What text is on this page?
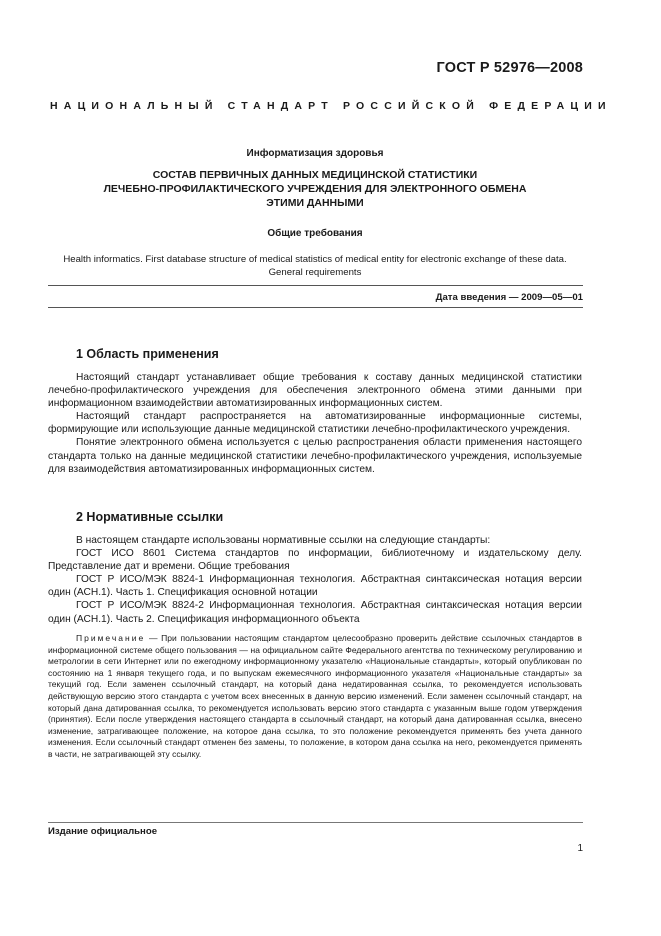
ГОСТ Р 52976—2008
НАЦИОНАЛЬНЫЙ СТАНДАРТ РОССИЙСКОЙ ФЕДЕРАЦИИ
Информатизация здоровья
СОСТАВ ПЕРВИЧНЫХ ДАННЫХ МЕДИЦИНСКОЙ СТАТИСТИКИ
ЛЕЧЕБНО-ПРОФИЛАКТИЧЕСКОГО УЧРЕЖДЕНИЯ ДЛЯ ЭЛЕКТРОННОГО ОБМЕНА
ЭТИМИ ДАННЫМИ
Общие требования
Health informatics. First database structure of medical statistics of medical entity for electronic exchange of these data.
General requirements
Дата введения — 2009—05—01
1 Область применения

Настоящий стандарт устанавливает общие требования к составу данных медицинской статистики лечебно-профилактического учреждения для обеспечения электронного обмена этими данными при информационном взаимодействии автоматизированных информационных систем.

Настоящий стандарт распространяется на автоматизированные информационные системы, формирующие или использующие данные медицинской статистики лечебно-профилактического учреждения.

Понятие электронного обмена используется с целью распространения области применения настоящего стандарта только на данные медицинской статистики лечебно-профилактического учреждения, используемые для взаимодействия автоматизированных информационных систем.

2 Нормативные ссылки

В настоящем стандарте использованы нормативные ссылки на следующие стандарты:

ГОСТ ИСО 8601 Система стандартов по информации, библиотечному и издательскому делу. Представление дат и времени. Общие требования

ГОСТ Р ИСО/МЭК 8824-1 Информационная технология. Абстрактная синтаксическая нотация версии один (АСН.1). Часть 1. Спецификация основной нотации

ГОСТ Р ИСО/МЭК 8824-2 Информационная технология. Абстрактная синтаксическая нотация версии один (АСН.1). Часть 2. Спецификация информационного объекта

Примечание — При пользовании настоящим стандартом целесообразно проверить действие ссылочных стандартов в информационной системе общего пользования — на официальном сайте Федерального агентства по техническому регулированию и метрологии в сети Интернет или по ежегодному информационному указателю «Национальные стандарты», который опубликован по состоянию на 1 января текущего года, и по выпускам ежемесячного информационного указателя «Национальные стандарты» за текущий год. Если заменен ссылочный стандарт, на который дана недатированная ссылка, то рекомендуется использовать действующую версию этого стандарта с учетом всех внесенных в данную версию изменений. Если заменен ссылочный стандарт, на который дана датированная ссылка, то рекомендуется использовать версию этого стандарта с указанным выше годом утверждения (принятия). Если после утверждения настоящего стандарта в ссылочный стандарт, на который дана датированная ссылка, внесено изменение, затрагивающее положение, на которое дана ссылка, то это положение рекомендуется применять без учета данного изменения. Если ссылочный стандарт отменен без замены, то положение, в котором дана ссылка на него, рекомендуется применять в части, не затрагивающей эту ссылку.
Издание официальное
1
